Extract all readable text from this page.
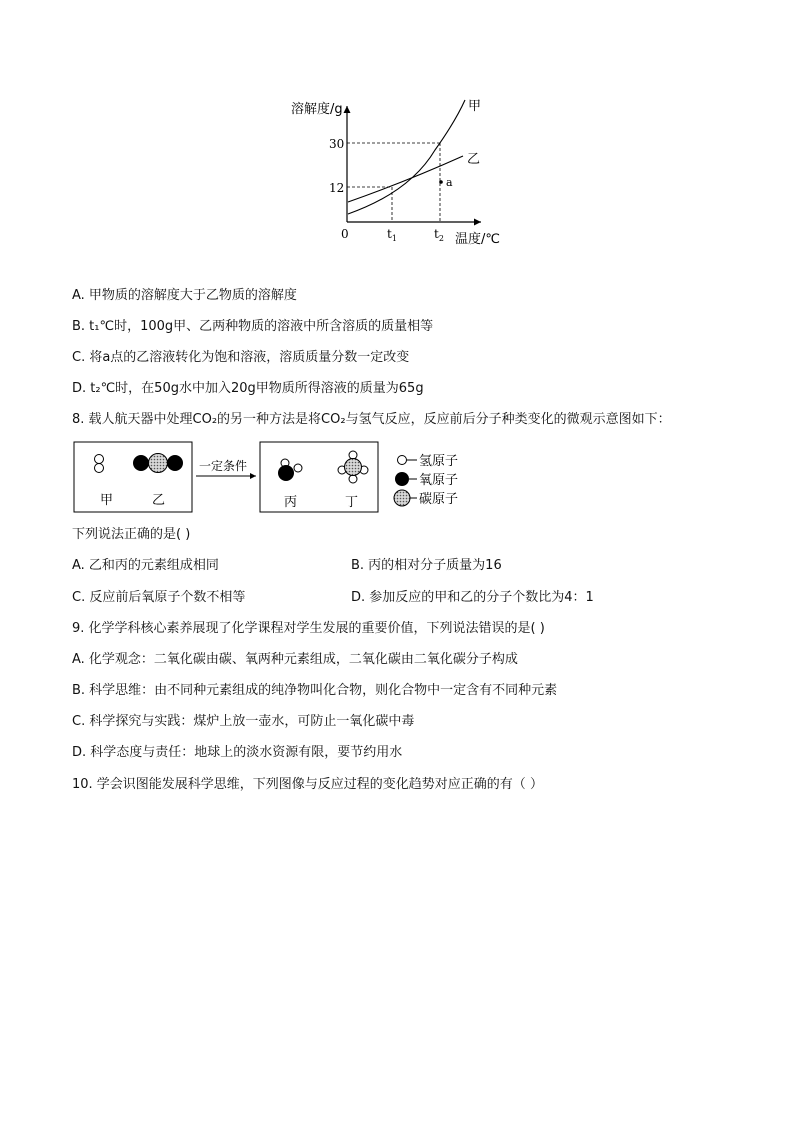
溶解度/g
温度/℃
0
30
12
$t_1$	$t_2$
甲
乙
a
A. 甲物质的溶解度大于乙物质的溶解度
B. t₁℃时，100g甲、乙两种物质的溶液中所含溶质的质量相等
C. 将a点的乙溶液转化为饱和溶液，溶质质量分数一定改变
D. t₂℃时，在50g水中加入20g甲物质所得溶液的质量为65g
8. 载人航天器中处理CO₂的另一种方法是将CO₂与氢气反应，反应前后分子种类变化的微观示意图如下：
甲	乙
一定条件
丙	丁
氢原子
氧原子
碳原子
下列说法正确的是( )
A. 乙和丙的元素组成相同	B. 丙的相对分子质量为16
C. 反应前后氧原子个数不相等	D. 参加反应的甲和乙的分子个数比为4：1
9. 化学学科核心素养展现了化学课程对学生发展的重要价值，下列说法错误的是( )
A. 化学观念：二氧化碳由碳、氧两种元素组成，二氧化碳由二氧化碳分子构成
B. 科学思维：由不同种元素组成的纯净物叫化合物，则化合物中一定含有不同种元素
C. 科学探究与实践：煤炉上放一壶水，可防止一氧化碳中毒
D. 科学态度与责任：地球上的淡水资源有限，要节约用水
10. 学会识图能发展科学思维，下列图像与反应过程的变化趋势对应正确的有（ ）
